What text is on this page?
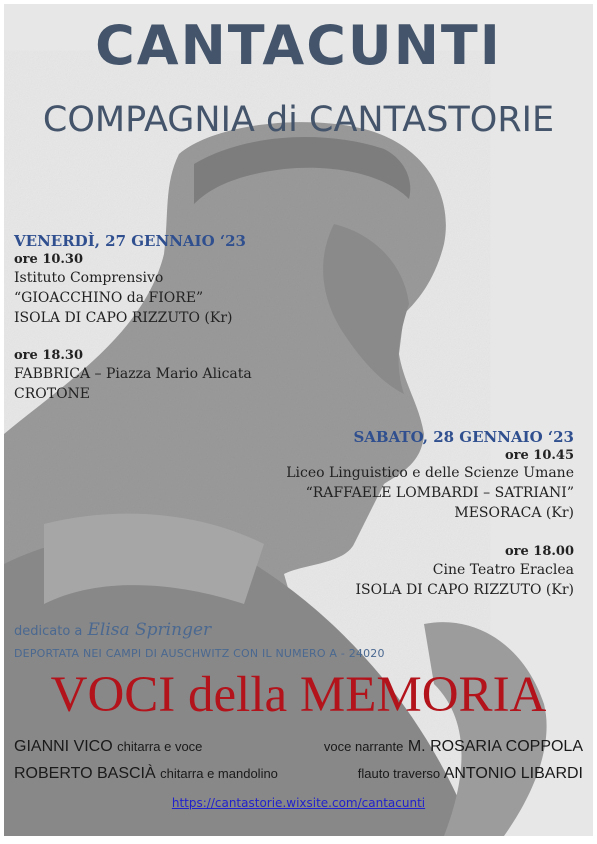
CANTACUNTI
COMPAGNIA di CANTASTORIE
VENERDÌ, 27 GENNAIO ‘23
ore 10.30
Istituto Comprensivo
“GIOACCHINO da FIORE”
ISOLA DI CAPO RIZZUTO (Kr)
ore 18.30
FABBRICA – Piazza Mario Alicata
CROTONE
SABATO, 28 GENNAIO ‘23
ore 10.45
Liceo Linguistico e delle Scienze Umane
“RAFFAELE LOMBARDI – SATRIANI”
MESORACA (Kr)
ore 18.00
Cine Teatro Eraclea
ISOLA DI CAPO RIZZUTO (Kr)
dedicato a Elisa Springer
DEPORTATA NEI CAMPI DI AUSCHWITZ CON IL NUMERO A - 24020
VOCI della MEMORIA
GIANNI VICO chitarra e voce
ROBERTO BASCIÀ chitarra e mandolino
voce narrante M. ROSARIA COPPOLA
flauto traverso ANTONIO LIBARDI
https://cantastorie.wixsite.com/cantacunti
